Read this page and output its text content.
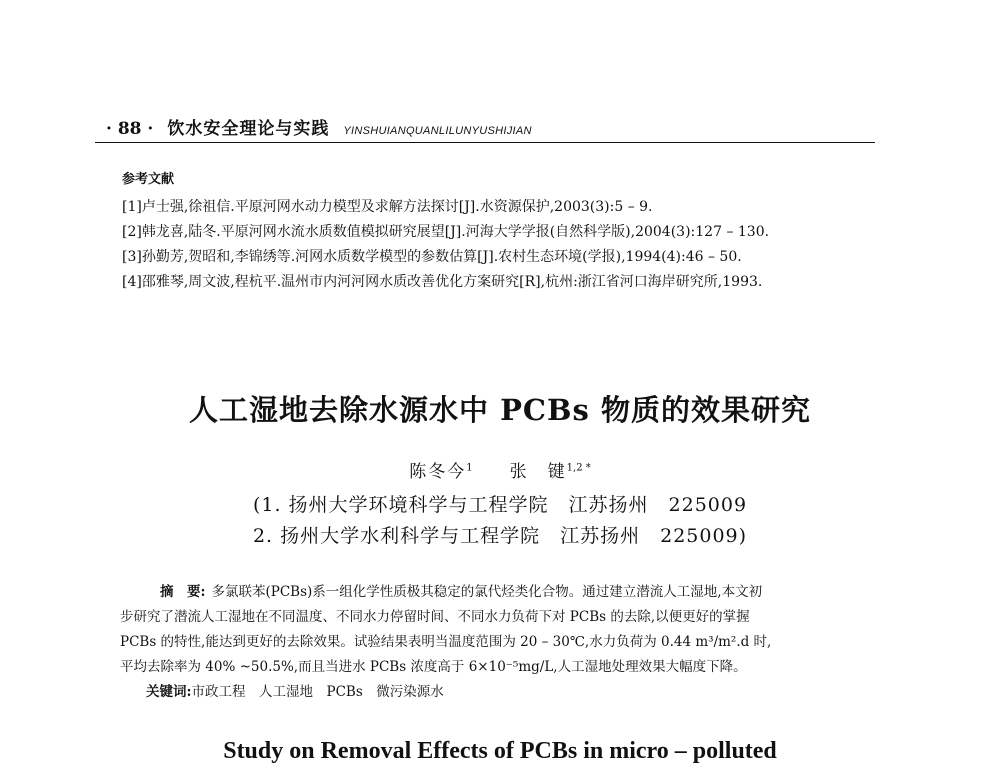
· 88 · 饮水安全理论与实践 YINSHUIANQUANLILUNYUSHIJIAN
参考文献
[1]卢士强,徐祖信.平原河网水动力模型及求解方法探讨[J].水资源保护,2003(3):5 – 9.
[2]韩龙喜,陆冬.平原河网水流水质数值模拟研究展望[J].河海大学学报(自然科学版),2004(3):127 – 130.
[3]孙勤芳,贺昭和,李锦绣等.河网水质数学模型的参数估算[J].农村生态环境(学报),1994(4):46 – 50.
[4]邵雅琴,周文波,程杭平.温州市内河河网水质改善优化方案研究[R],杭州:浙江省河口海岸研究所,1993.
人工湿地去除水源水中 PCBs 物质的效果研究
陈冬今$^1$ 张　键$^{1,2 *}$
(1. 扬州大学环境科学与工程学院　江苏扬州　225009
2. 扬州大学水利科学与工程学院　江苏扬州　225009)
摘　要: 多氯联苯(PCBs)系一组化学性质极其稳定的氯代烃类化合物。通过建立潜流人工湿地,本文初
步研究了潜流人工湿地在不同温度、不同水力停留时间、不同水力负荷下对 PCBs 的去除,以便更好的掌握
PCBs 的特性,能达到更好的去除效果。试验结果表明当温度范围为 20 – 30℃,水力负荷为 0.44 m³/m².d 时,
平均去除率为 40% ~50.5%,而且当进水 PCBs 浓度高于 6×10⁻⁵mg/L,人工湿地处理效果大幅度下降。
关键词:市政工程　人工湿地　PCBs　微污染源水
Study on Removal Effects of PCBs in micro – polluted
